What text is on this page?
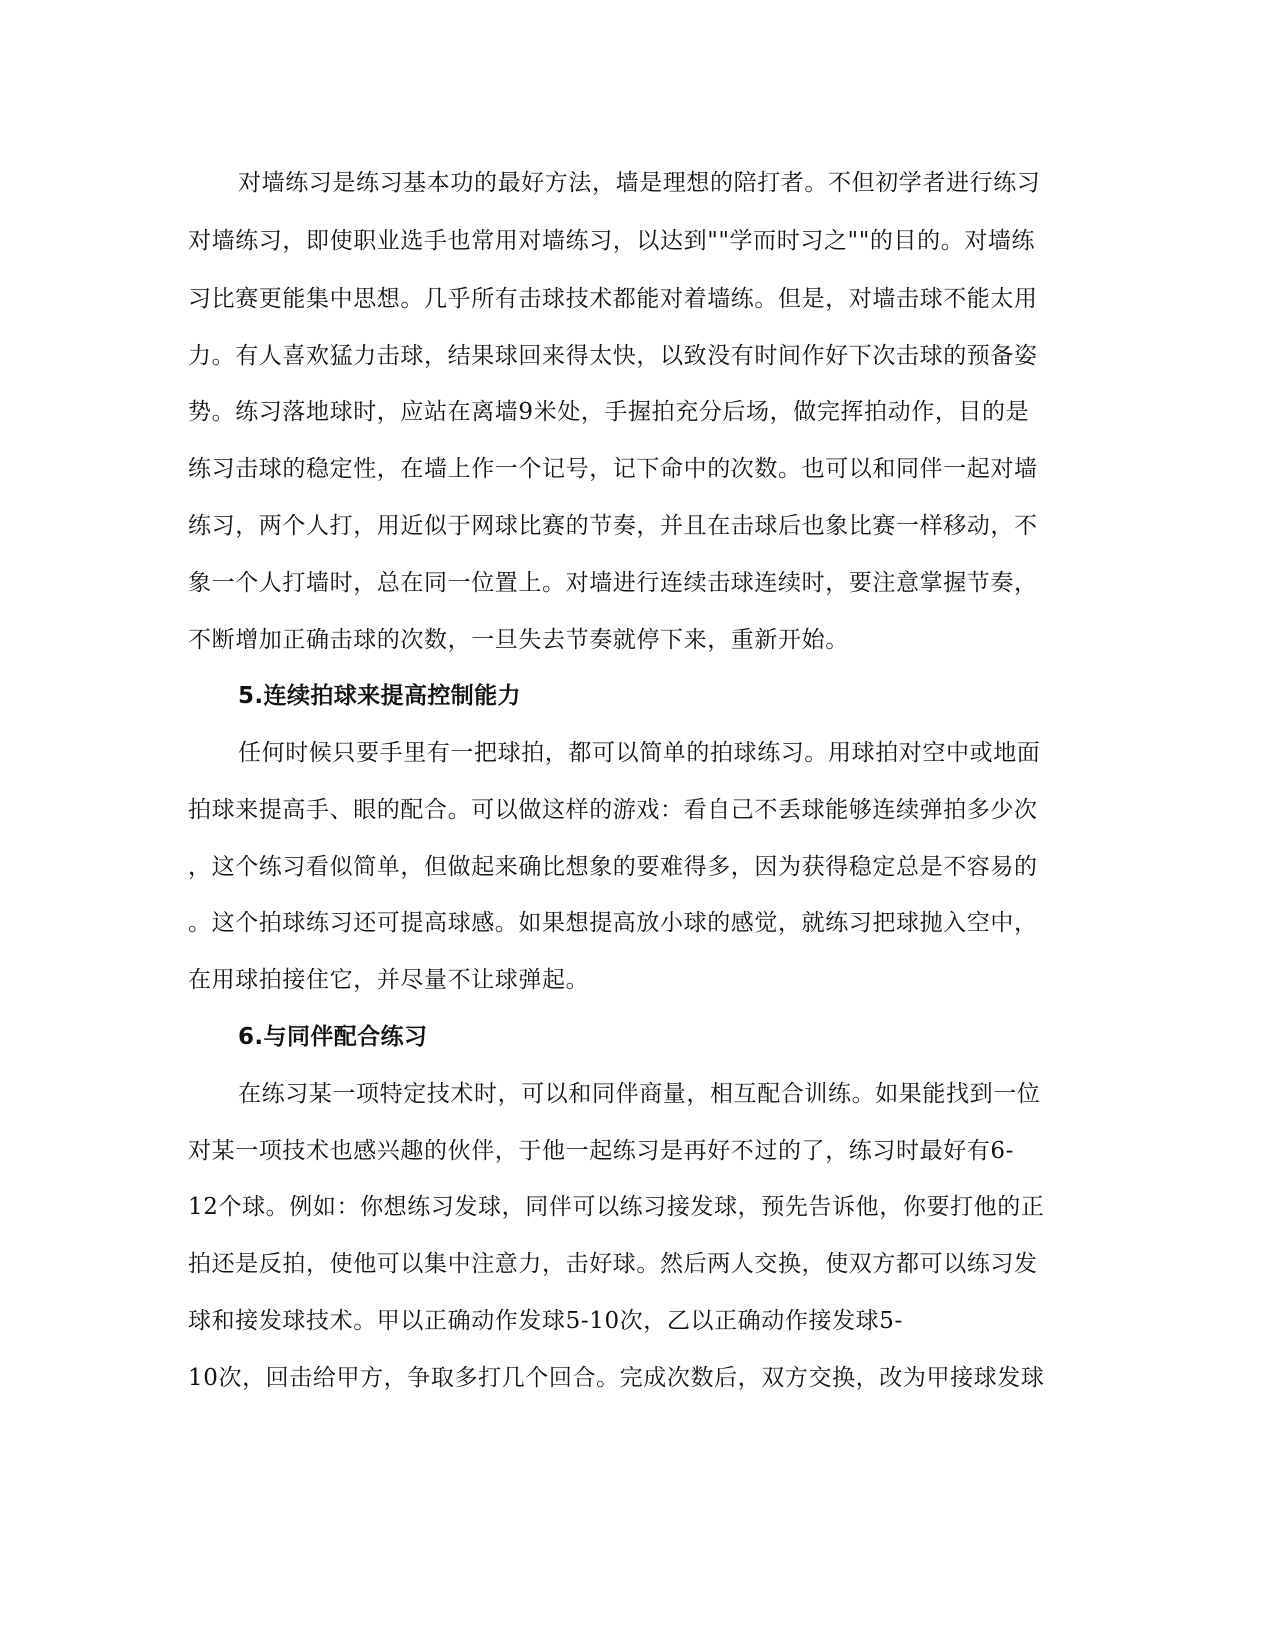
对墙练习是练习基本功的最好方法，墙是理想的陪打者。不但初学者进行练习
对墙练习，即使职业选手也常用对墙练习，以达到""学而时习之""的目的。对墙练
习比赛更能集中思想。几乎所有击球技术都能对着墙练。但是，对墙击球不能太用
力。有人喜欢猛力击球，结果球回来得太快，以致没有时间作好下次击球的预备姿
势。练习落地球时，应站在离墙9米处，手握拍充分后场，做完挥拍动作，目的是
练习击球的稳定性，在墙上作一个记号，记下命中的次数。也可以和同伴一起对墙
练习，两个人打，用近似于网球比赛的节奏，并且在击球后也象比赛一样移动，不
象一个人打墙时，总在同一位置上。对墙进行连续击球连续时，要注意掌握节奏，
不断增加正确击球的次数，一旦失去节奏就停下来，重新开始。
5.连续拍球来提高控制能力
任何时候只要手里有一把球拍，都可以简单的拍球练习。用球拍对空中或地面
拍球来提高手、眼的配合。可以做这样的游戏：看自己不丢球能够连续弹拍多少次
，这个练习看似简单，但做起来确比想象的要难得多，因为获得稳定总是不容易的
。这个拍球练习还可提高球感。如果想提高放小球的感觉，就练习把球抛入空中，
在用球拍接住它，并尽量不让球弹起。
6.与同伴配合练习
在练习某一项特定技术时，可以和同伴商量，相互配合训练。如果能找到一位
对某一项技术也感兴趣的伙伴，于他一起练习是再好不过的了，练习时最好有6-
12个球。例如：你想练习发球，同伴可以练习接发球，预先告诉他，你要打他的正
拍还是反拍，使他可以集中注意力，击好球。然后两人交换，使双方都可以练习发
球和接发球技术。甲以正确动作发球5-10次，乙以正确动作接发球5-
10次，回击给甲方，争取多打几个回合。完成次数后，双方交换，改为甲接球发球
